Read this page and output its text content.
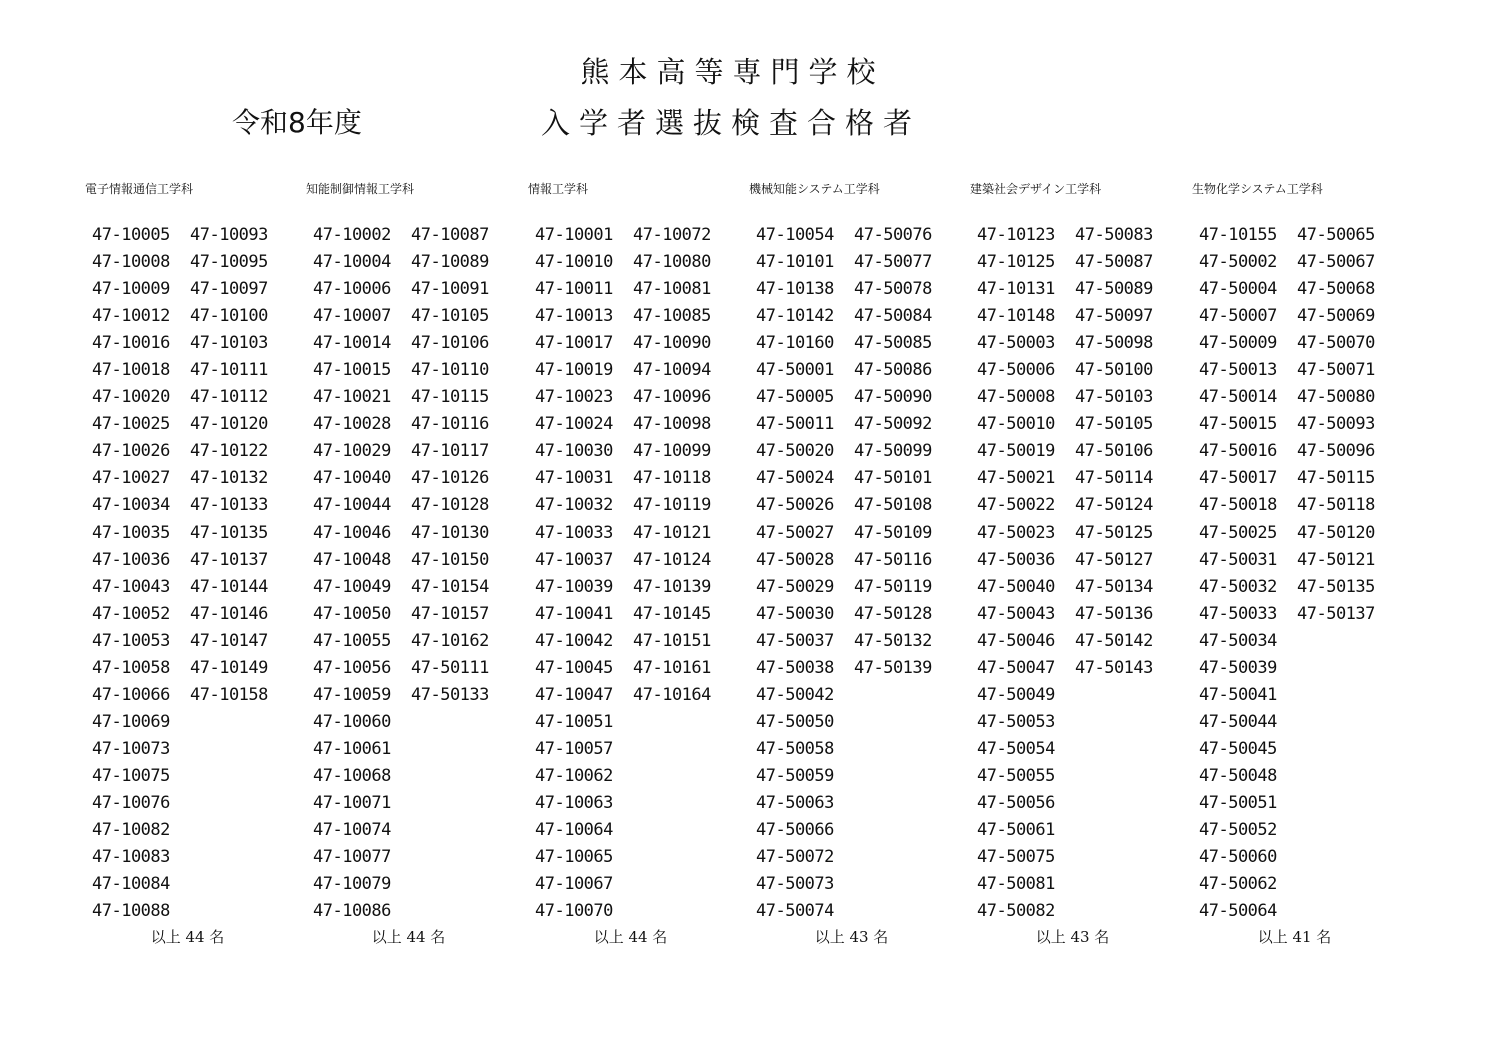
熊本高等専門学校
令和8年度	入学者選抜検査合格者
電子情報通信工学科
47-10005
47-10008
47-10009
47-10012
47-10016
47-10018
47-10020
47-10025
47-10026
47-10027
47-10034
47-10035
47-10036
47-10043
47-10052
47-10053
47-10058
47-10066
47-10069
47-10073
47-10075
47-10076
47-10082
47-10083
47-10084
47-10088
47-10093
47-10095
47-10097
47-10100
47-10103
47-10111
47-10112
47-10120
47-10122
47-10132
47-10133
47-10135
47-10137
47-10144
47-10146
47-10147
47-10149
47-10158
以上 44 名
知能制御情報工学科
47-10002
47-10004
47-10006
47-10007
47-10014
47-10015
47-10021
47-10028
47-10029
47-10040
47-10044
47-10046
47-10048
47-10049
47-10050
47-10055
47-10056
47-10059
47-10060
47-10061
47-10068
47-10071
47-10074
47-10077
47-10079
47-10086
47-10087
47-10089
47-10091
47-10105
47-10106
47-10110
47-10115
47-10116
47-10117
47-10126
47-10128
47-10130
47-10150
47-10154
47-10157
47-10162
47-50111
47-50133
以上 44 名
情報工学科
47-10001
47-10010
47-10011
47-10013
47-10017
47-10019
47-10023
47-10024
47-10030
47-10031
47-10032
47-10033
47-10037
47-10039
47-10041
47-10042
47-10045
47-10047
47-10051
47-10057
47-10062
47-10063
47-10064
47-10065
47-10067
47-10070
47-10072
47-10080
47-10081
47-10085
47-10090
47-10094
47-10096
47-10098
47-10099
47-10118
47-10119
47-10121
47-10124
47-10139
47-10145
47-10151
47-10161
47-10164
以上 44 名
機械知能システム工学科
47-10054
47-10101
47-10138
47-10142
47-10160
47-50001
47-50005
47-50011
47-50020
47-50024
47-50026
47-50027
47-50028
47-50029
47-50030
47-50037
47-50038
47-50042
47-50050
47-50058
47-50059
47-50063
47-50066
47-50072
47-50073
47-50074
47-50076
47-50077
47-50078
47-50084
47-50085
47-50086
47-50090
47-50092
47-50099
47-50101
47-50108
47-50109
47-50116
47-50119
47-50128
47-50132
47-50139
以上 43 名
建築社会デザイン工学科
47-10123
47-10125
47-10131
47-10148
47-50003
47-50006
47-50008
47-50010
47-50019
47-50021
47-50022
47-50023
47-50036
47-50040
47-50043
47-50046
47-50047
47-50049
47-50053
47-50054
47-50055
47-50056
47-50061
47-50075
47-50081
47-50082
47-50083
47-50087
47-50089
47-50097
47-50098
47-50100
47-50103
47-50105
47-50106
47-50114
47-50124
47-50125
47-50127
47-50134
47-50136
47-50142
47-50143
以上 43 名
生物化学システム工学科
47-10155
47-50002
47-50004
47-50007
47-50009
47-50013
47-50014
47-50015
47-50016
47-50017
47-50018
47-50025
47-50031
47-50032
47-50033
47-50034
47-50039
47-50041
47-50044
47-50045
47-50048
47-50051
47-50052
47-50060
47-50062
47-50064
47-50065
47-50067
47-50068
47-50069
47-50070
47-50071
47-50080
47-50093
47-50096
47-50115
47-50118
47-50120
47-50121
47-50135
47-50137
以上 41 名
